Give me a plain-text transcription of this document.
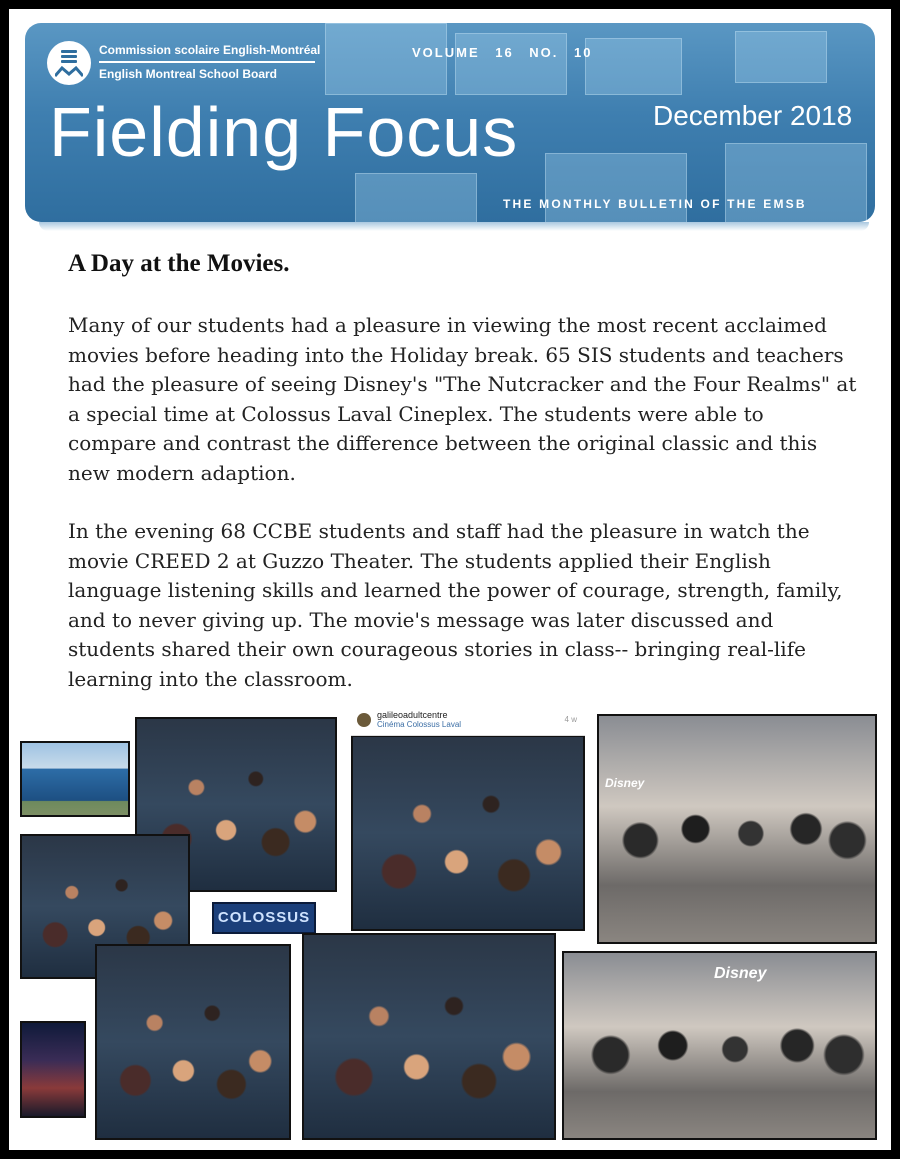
Commission scolaire English-Montréal
English Montreal School Board
VOLUME 16 NO. 10
Fielding Focus	December 2018
THE MONTHLY BULLETIN OF THE EMSB
A Day at the Movies.

Many of our students had a pleasure in viewing the most recent acclaimed movies before heading into the Holiday break. 65 SIS students and teachers had the pleasure of seeing Disney's "The Nutcracker and the Four Realms" at a special time at Colossus Laval Cineplex. The students were able to compare and contrast the difference between the original classic and this new modern adaption.

In the evening 68 CCBE students and staff had the pleasure in watch the movie CREED 2 at Guzzo Theater. The students applied their English language listening skills and learned the power of courage, strength, family, and to never giving up. The movie's message was later discussed and students shared their own courageous stories in class-- bringing real-life learning into the classroom.

COLOSSUS
galileoadultcentre
Cinéma Colossus Laval
4 w
Disney
Disney
